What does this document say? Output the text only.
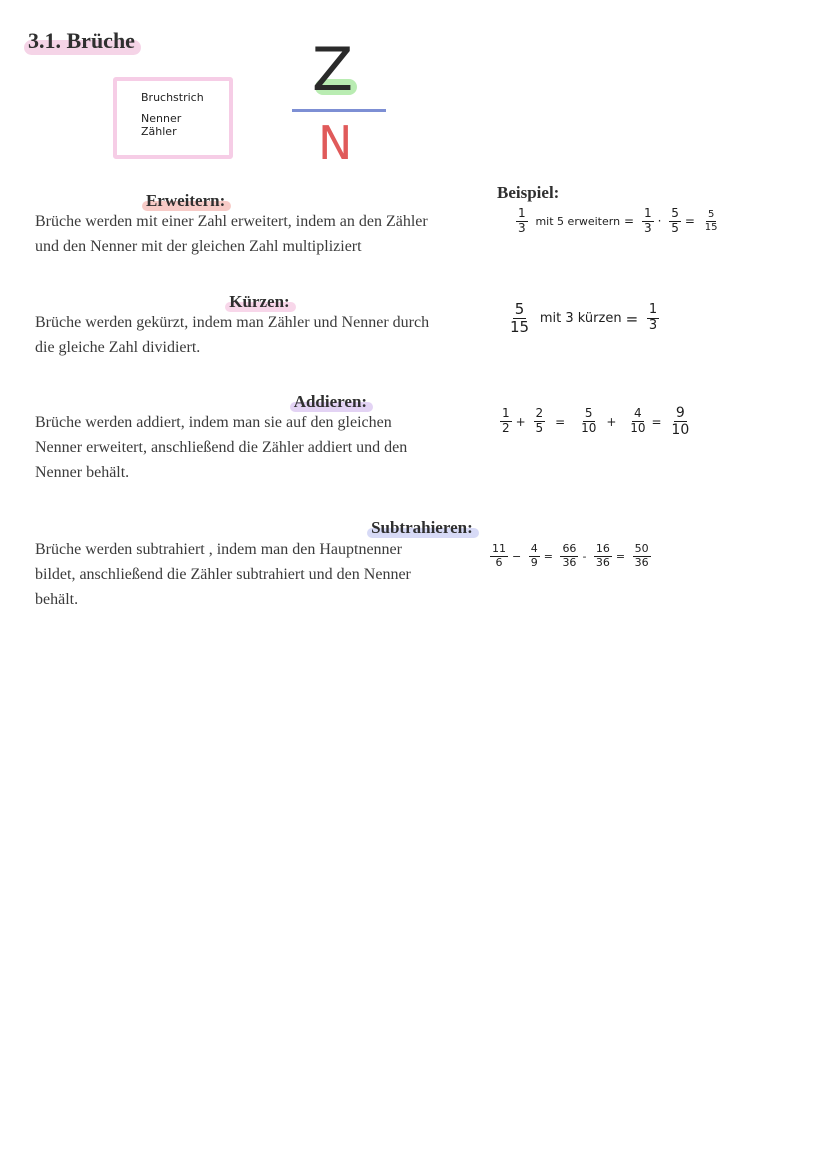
3.1. Brüche
Bruchstrich
Nenner
Zähler
Z
N
Beispiel:
Erweitern:
Brüche werden mit einer Zahl erweitert, indem an den Zähler
und den Nenner mit der gleichen Zahl multipliziert
$\frac{1}{3}$ mit 5 erweitern = $\frac{1}{3} \cdot \frac{5}{5} = \frac{5}{15}$
Kürzen:
Brüche werden gekürzt, indem man Zähler und Nenner durch
die gleiche Zahl dividiert.
$\frac{5}{15}$ mit 3 kürzen = $\frac{1}{3}$
Addieren:
Brüche werden addiert, indem man sie auf den gleichen
Nenner erweitert, anschließend die Zähler addiert und den
Nenner behält.
$\frac{1}{2} + \frac{2}{5} = \frac{5}{10} + \frac{4}{10} = \frac{9}{10}$
Subtrahieren:
Brüche werden subtrahiert , indem man den Hauptnenner
bildet, anschließend die Zähler subtrahiert und den Nenner
behält.
$\frac{11}{6} - \frac{4}{9} = \frac{66}{36} - \frac{16}{36} = \frac{50}{36}$
